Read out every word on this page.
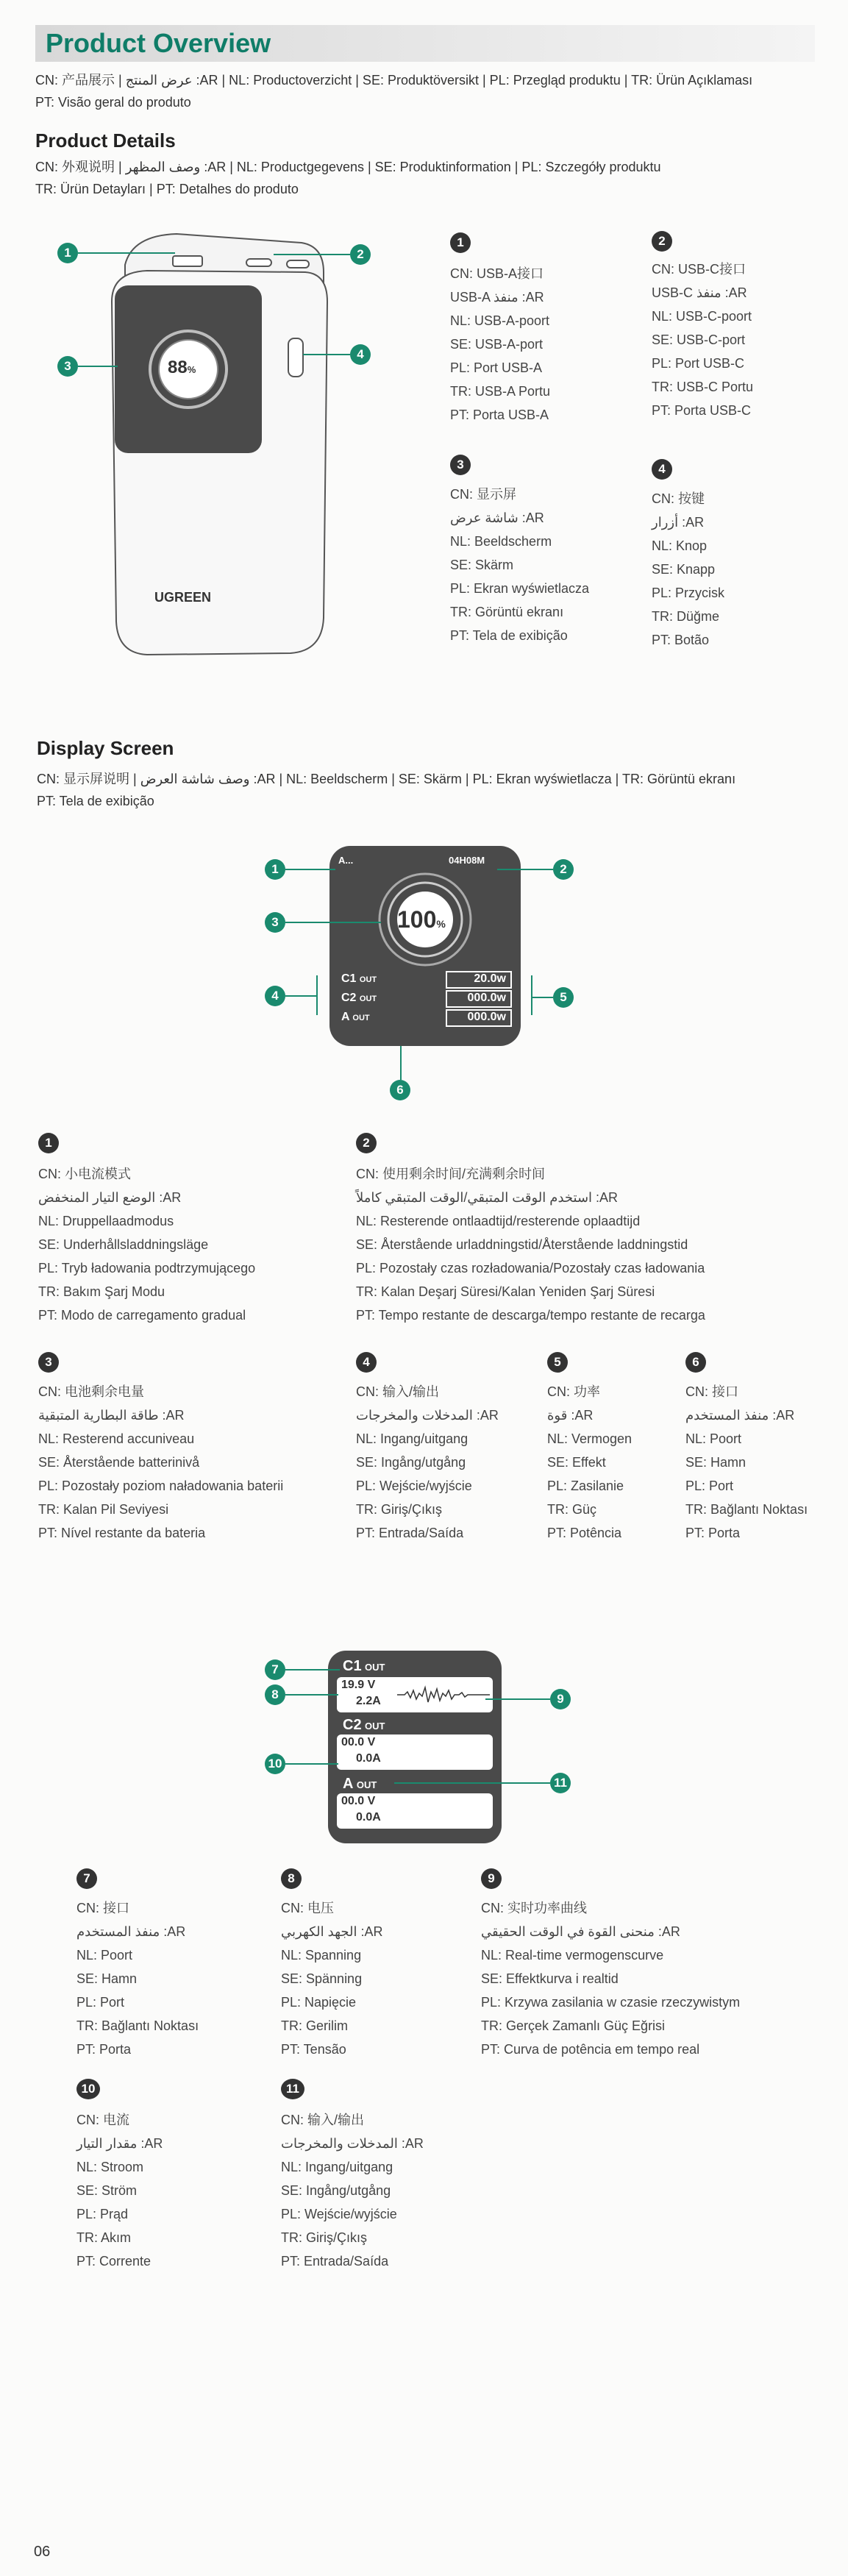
Product Overview
CN: 产品展示 | عرض المنتج :AR | NL: Productoverzicht | SE: Produktöversikt | PL: Przegląd produktu | TR: Ürün Açıklaması
PT: Visão geral do produto
Product Details
CN: 外观说明 | وصف المظهر :AR | NL: Productgegevens | SE: Produktinformation | PL: Szczegóły produktu
TR: Ürün Detayları | PT: Detalhes do produto
88%
UGREEN
1	2
3
4
1
CN: USB-A接口
USB-A منفذ :AR
NL: USB-A-poort
SE: USB-A-port
PL: Port USB-A
TR: USB-A Portu
PT: Porta USB-A
2
CN: USB-C接口
USB-C منفذ :AR
NL: USB-C-poort
SE: USB-C-port
PL: Port USB-C
TR: USB-C Portu
PT: Porta USB-C
3
CN: 显示屏
شاشة عرض :AR
NL: Beeldscherm
SE: Skärm
PL: Ekran wyświetlacza
TR: Görüntü ekranı
PT: Tela de exibição
4
CN: 按键
أزرار :AR
NL: Knop
SE: Knapp
PL: Przycisk
TR: Düğme
PT: Botão
Display Screen
CN: 显示屏说明 | وصف شاشة العرض :AR | NL: Beeldscherm | SE: Skärm | PL: Ekran wyświetlacza | TR: Görüntü ekranı
PT: Tela de exibição
A...	04H08M
100%
C1 OUT	20.0w
C2 OUT	000.0w
A OUT	000.0w
1	2
3
4	5
6
1
CN: 小电流模式
الوضع التيار المنخفض :AR
NL: Druppellaadmodus
SE: Underhållsladdningsläge
PL: Tryb ładowania podtrzymującego
TR: Bakım Şarj Modu
PT: Modo de carregamento gradual
2
CN: 使用剩余时间/充满剩余时间
استخدم الوقت المتبقي/الوقت المتبقي كاملاً :AR
NL: Resterende ontlaadtijd/resterende oplaadtijd
SE: Återstående urladdningstid/Återstående laddningstid
PL: Pozostały czas rozładowania/Pozostały czas ładowania
TR: Kalan Deşarj Süresi/Kalan Yeniden Şarj Süresi
PT: Tempo restante de descarga/tempo restante de recarga
3
CN: 电池剩余电量
طاقة البطارية المتبقية :AR
NL: Resterend accuniveau
SE: Återstående batterinivå
PL: Pozostały poziom naładowania baterii
TR: Kalan Pil Seviyesi
PT: Nível restante da bateria
4
CN: 输入/输出
المدخلات والمخرجات :AR
NL: Ingang/uitgang
SE: Ingång/utgång
PL: Wejście/wyjście
TR: Giriş/Çıkış
PT: Entrada/Saída
5
CN: 功率
قوة :AR
NL: Vermogen
SE: Effekt
PL: Zasilanie
TR: Güç
PT: Potência
6
CN: 接口
منفذ المستخدم :AR
NL: Poort
SE: Hamn
PL: Port
TR: Bağlantı Noktası
PT: Porta
C1 OUT
19.9 V
2.2A
C2 OUT
00.0 V
0.0A
A OUT
00.0 V
0.0A
7
8	9
10
11
7
CN: 接口
منفذ المستخدم :AR
NL: Poort
SE: Hamn
PL: Port
TR: Bağlantı Noktası
PT: Porta
8
CN: 电压
الجهد الكهربي :AR
NL: Spanning
SE: Spänning
PL: Napięcie
TR: Gerilim
PT: Tensão
9
CN: 实时功率曲线
منحنى القوة في الوقت الحقيقي :AR
NL: Real-time vermogenscurve
SE: Effektkurva i realtid
PL: Krzywa zasilania w czasie rzeczywistym
TR: Gerçek Zamanlı Güç Eğrisi
PT: Curva de potência em tempo real
10
CN: 电流
مقدار التيار :AR
NL: Stroom
SE: Ström
PL: Prąd
TR: Akım
PT: Corrente
11
CN: 输入/输出
المدخلات والمخرجات :AR
NL: Ingang/uitgang
SE: Ingång/utgång
PL: Wejście/wyjście
TR: Giriş/Çıkış
PT: Entrada/Saída
06
